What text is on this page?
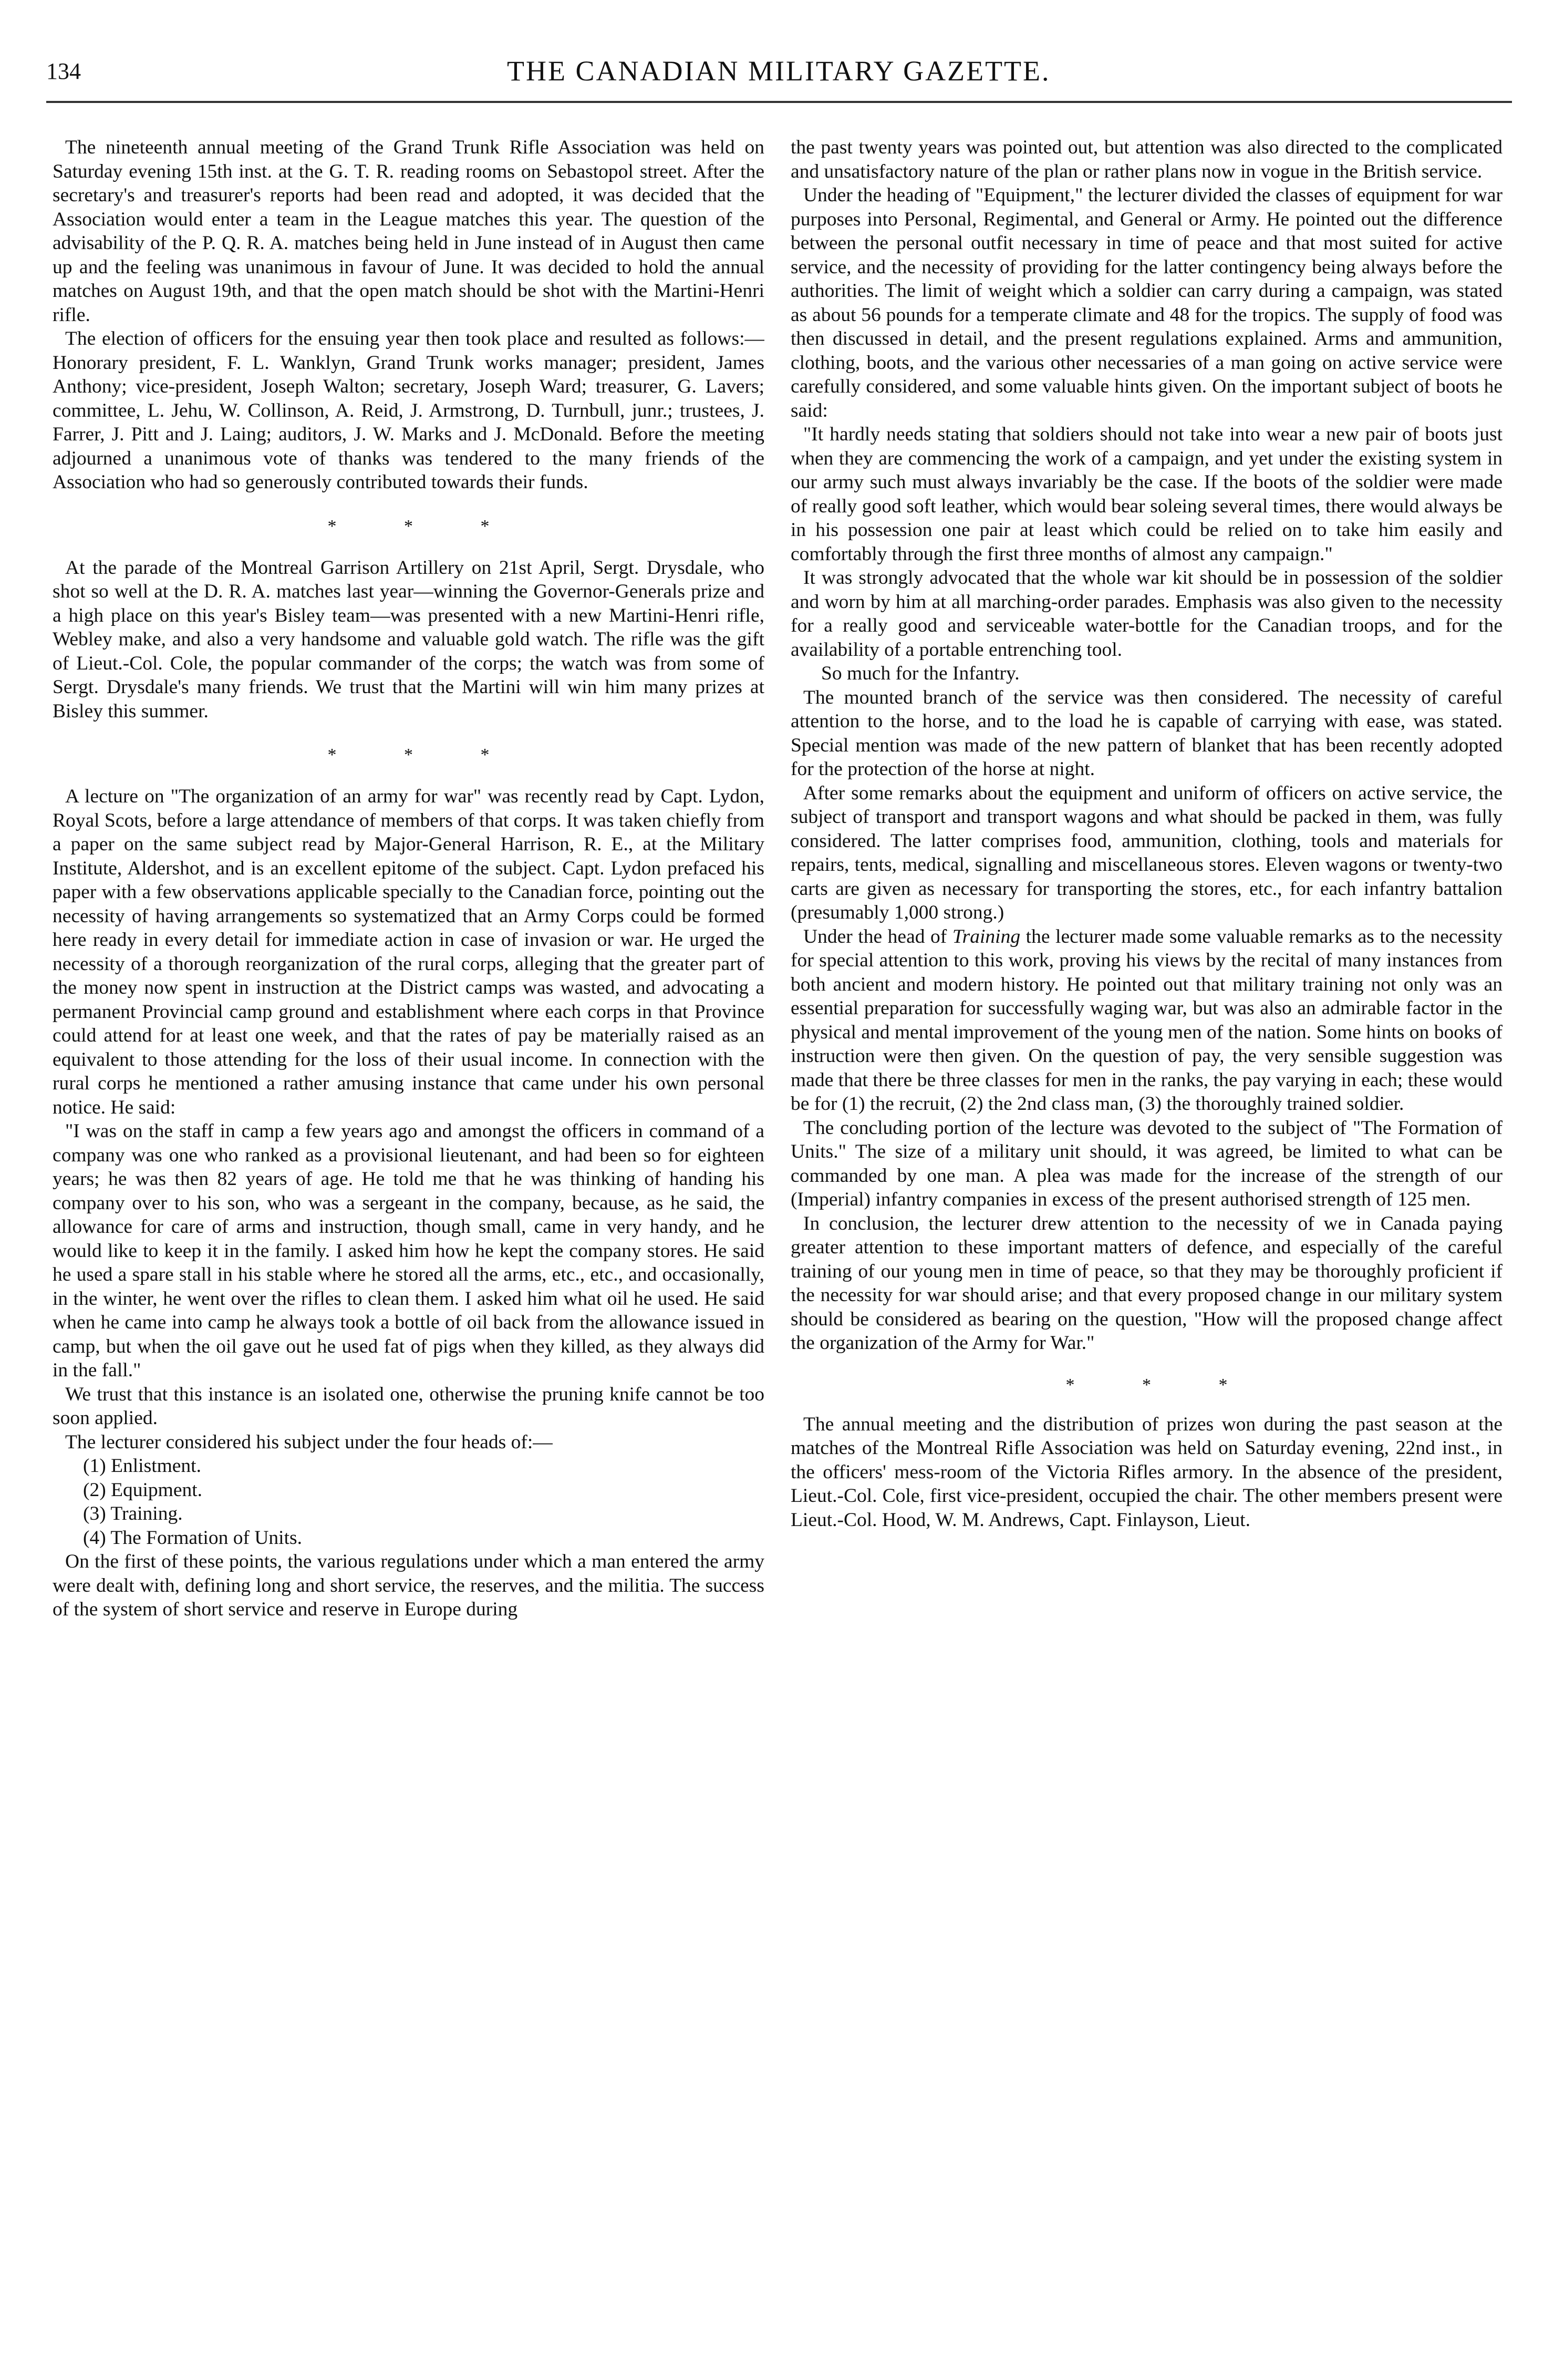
134	THE CANADIAN MILITARY GAZETTE.

The nineteenth annual meeting of the Grand Trunk Rifle Association was held on Saturday evening 15th inst. at the G. T. R. reading rooms on Sebastopol street. After the secretary's and treasurer's reports had been read and adopted, it was decided that the Association would enter a team in the League matches this year. The question of the advisability of the P. Q. R. A. matches being held in June instead of in August then came up and the feeling was unanimous in favour of June. It was decided to hold the annual matches on August 19th, and that the open match should be shot with the Martini-Henri rifle.

The election of officers for the ensuing year then took place and resulted as follows:—Honorary president, F. L. Wanklyn, Grand Trunk works manager; president, James Anthony; vice-president, Joseph Walton; secretary, Joseph Ward; treasurer, G. Lavers; committee, L. Jehu, W. Collinson, A. Reid, J. Armstrong, D. Turnbull, junr.; trustees, J. Farrer, J. Pitt and J. Laing; auditors, J. W. Marks and J. McDonald. Before the meeting adjourned a unanimous vote of thanks was tendered to the many friends of the Association who had so generously contributed towards their funds.

* * *

At the parade of the Montreal Garrison Artillery on 21st April, Sergt. Drysdale, who shot so well at the D. R. A. matches last year—winning the Governor-Generals prize and a high place on this year's Bisley team—was presented with a new Martini-Henri rifle, Webley make, and also a very handsome and valuable gold watch. The rifle was the gift of Lieut.-Col. Cole, the popular commander of the corps; the watch was from some of Sergt. Drysdale's many friends. We trust that the Martini will win him many prizes at Bisley this summer.

* * *

A lecture on "The organization of an army for war" was recently read by Capt. Lydon, Royal Scots, before a large attendance of members of that corps. It was taken chiefly from a paper on the same subject read by Major-General Harrison, R. E., at the Military Institute, Aldershot, and is an excellent epitome of the subject. Capt. Lydon prefaced his paper with a few observations applicable specially to the Canadian force, pointing out the necessity of having arrangements so systematized that an Army Corps could be formed here ready in every detail for immediate action in case of invasion or war. He urged the necessity of a thorough reorganization of the rural corps, alleging that the greater part of the money now spent in instruction at the District camps was wasted, and advocating a permanent Provincial camp ground and establishment where each corps in that Province could attend for at least one week, and that the rates of pay be materially raised as an equivalent to those attending for the loss of their usual income. In connection with the rural corps he mentioned a rather amusing instance that came under his own personal notice. He said:

"I was on the staff in camp a few years ago and amongst the officers in command of a company was one who ranked as a provisional lieutenant, and had been so for eighteen years; he was then 82 years of age. He told me that he was thinking of handing his company over to his son, who was a sergeant in the company, because, as he said, the allowance for care of arms and instruction, though small, came in very handy, and he would like to keep it in the family. I asked him how he kept the company stores. He said he used a spare stall in his stable where he stored all the arms, etc., etc., and occasionally, in the winter, he went over the rifles to clean them. I asked him what oil he used. He said when he came into camp he always took a bottle of oil back from the allowance issued in camp, but when the oil gave out he used fat of pigs when they killed, as they always did in the fall."

We trust that this instance is an isolated one, otherwise the pruning knife cannot be too soon applied.

The lecturer considered his subject under the four heads of:—

(1) Enlistment.

(2) Equipment.

(3) Training.

(4) The Formation of Units.

On the first of these points, the various regulations under which a man entered the army were dealt with, defining long and short service, the reserves, and the militia. The success of the system of short service and reserve in Europe during

the past twenty years was pointed out, but attention was also directed to the complicated and unsatisfactory nature of the plan or rather plans now in vogue in the British service.

Under the heading of "Equipment," the lecturer divided the classes of equipment for war purposes into Personal, Regimental, and General or Army. He pointed out the difference between the personal outfit necessary in time of peace and that most suited for active service, and the necessity of providing for the latter contingency being always before the authorities. The limit of weight which a soldier can carry during a campaign, was stated as about 56 pounds for a temperate climate and 48 for the tropics. The supply of food was then discussed in detail, and the present regulations explained. Arms and ammunition, clothing, boots, and the various other necessaries of a man going on active service were carefully considered, and some valuable hints given. On the important subject of boots he said:

"It hardly needs stating that soldiers should not take into wear a new pair of boots just when they are commencing the work of a campaign, and yet under the existing system in our army such must always invariably be the case. If the boots of the soldier were made of really good soft leather, which would bear soleing several times, there would always be in his possession one pair at least which could be relied on to take him easily and comfortably through the first three months of almost any campaign."

It was strongly advocated that the whole war kit should be in possession of the soldier and worn by him at all marching-order parades. Emphasis was also given to the necessity for a really good and serviceable water-bottle for the Canadian troops, and for the availability of a portable entrenching tool.

So much for the Infantry.

The mounted branch of the service was then considered. The necessity of careful attention to the horse, and to the load he is capable of carrying with ease, was stated. Special mention was made of the new pattern of blanket that has been recently adopted for the protection of the horse at night.

After some remarks about the equipment and uniform of officers on active service, the subject of transport and transport wagons and what should be packed in them, was fully considered. The latter comprises food, ammunition, clothing, tools and materials for repairs, tents, medical, signalling and miscellaneous stores. Eleven wagons or twenty-two carts are given as necessary for transporting the stores, etc., for each infantry battalion (presumably 1,000 strong.)

Under the head of Training the lecturer made some valuable remarks as to the necessity for special attention to this work, proving his views by the recital of many instances from both ancient and modern history. He pointed out that military training not only was an essential preparation for successfully waging war, but was also an admirable factor in the physical and mental improvement of the young men of the nation. Some hints on books of instruction were then given. On the question of pay, the very sensible suggestion was made that there be three classes for men in the ranks, the pay varying in each; these would be for (1) the recruit, (2) the 2nd class man, (3) the thoroughly trained soldier.

The concluding portion of the lecture was devoted to the subject of "The Formation of Units." The size of a military unit should, it was agreed, be limited to what can be commanded by one man. A plea was made for the increase of the strength of our (Imperial) infantry companies in excess of the present authorised strength of 125 men.

In conclusion, the lecturer drew attention to the necessity of we in Canada paying greater attention to these important matters of defence, and especially of the careful training of our young men in time of peace, so that they may be thoroughly proficient if the necessity for war should arise; and that every proposed change in our military system should be considered as bearing on the question, "How will the proposed change affect the organization of the Army for War."

* * *

The annual meeting and the distribution of prizes won during the past season at the matches of the Montreal Rifle Association was held on Saturday evening, 22nd inst., in the officers' mess-room of the Victoria Rifles armory. In the absence of the president, Lieut.-Col. Cole, first vice-president, occupied the chair. The other members present were Lieut.-Col. Hood, W. M. Andrews, Capt. Finlayson, Lieut.
